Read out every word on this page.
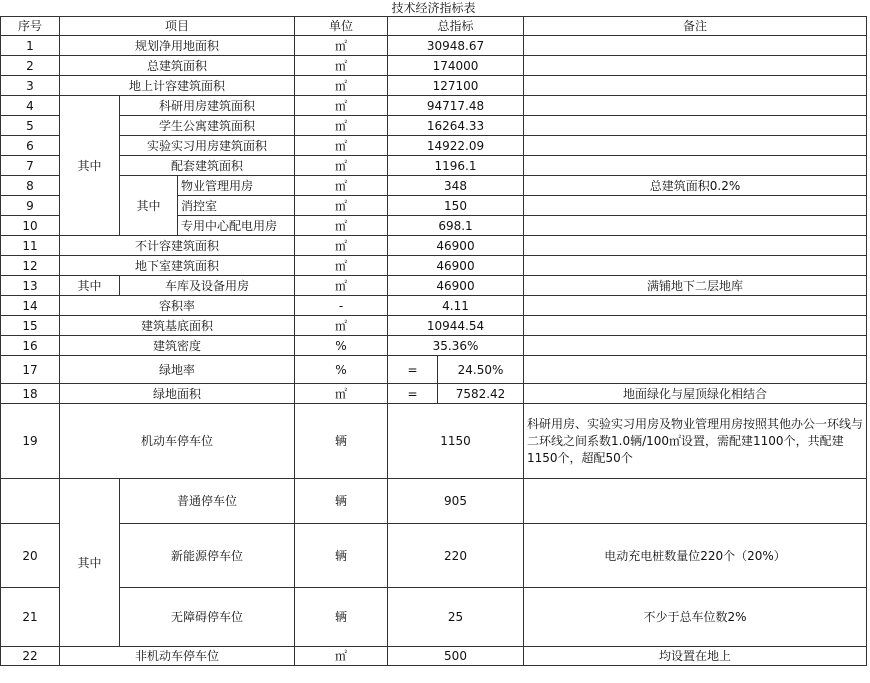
技术经济指标表							
序号	项目			单位	总指标		备注
1	规划净用地面积			㎡	30948.67		
2	总建筑面积			㎡	174000		
3	地上计容建筑面积			㎡	127100		
4	其中	科研用房建筑面积		㎡	94717.48		
5		学生公寓建筑面积		㎡	16264.33		
6		实验实习用房建筑面积		㎡	14922.09		
7		配套建筑面积		㎡	1196.1		
8		其中	物业管理用房	㎡	348		总建筑面积0.2%
9			消控室	㎡	150		
10			专用中心配电用房	㎡	698.1		
11	不计容建筑面积			㎡	46900		
12	地下室建筑面积			㎡	46900		
13	其中	车库及设备用房		㎡	46900		满铺地下二层地库
14	容积率			-	4.11		
15	建筑基底面积			㎡	10944.54		
16	建筑密度			%	35.36%		
17	绿地率			%	=	24.50%	
18	绿地面积			㎡	=	7582.42	地面绿化与屋顶绿化相结合
19	机动车停车位			辆	1150		科研用房、实验实习用房及物业管理用房按照其他办公一环线与二环线之间系数1.0辆/100㎡设置，需配建1100个，共配建1150个，超配50个
	其中	普通停车位		辆	905		
20		新能源停车位		辆	220		电动充电桩数量位220个（20%）
21		无障碍停车位		辆	25		不少于总车位数2%
22	非机动车停车位			㎡	500		均设置在地上
